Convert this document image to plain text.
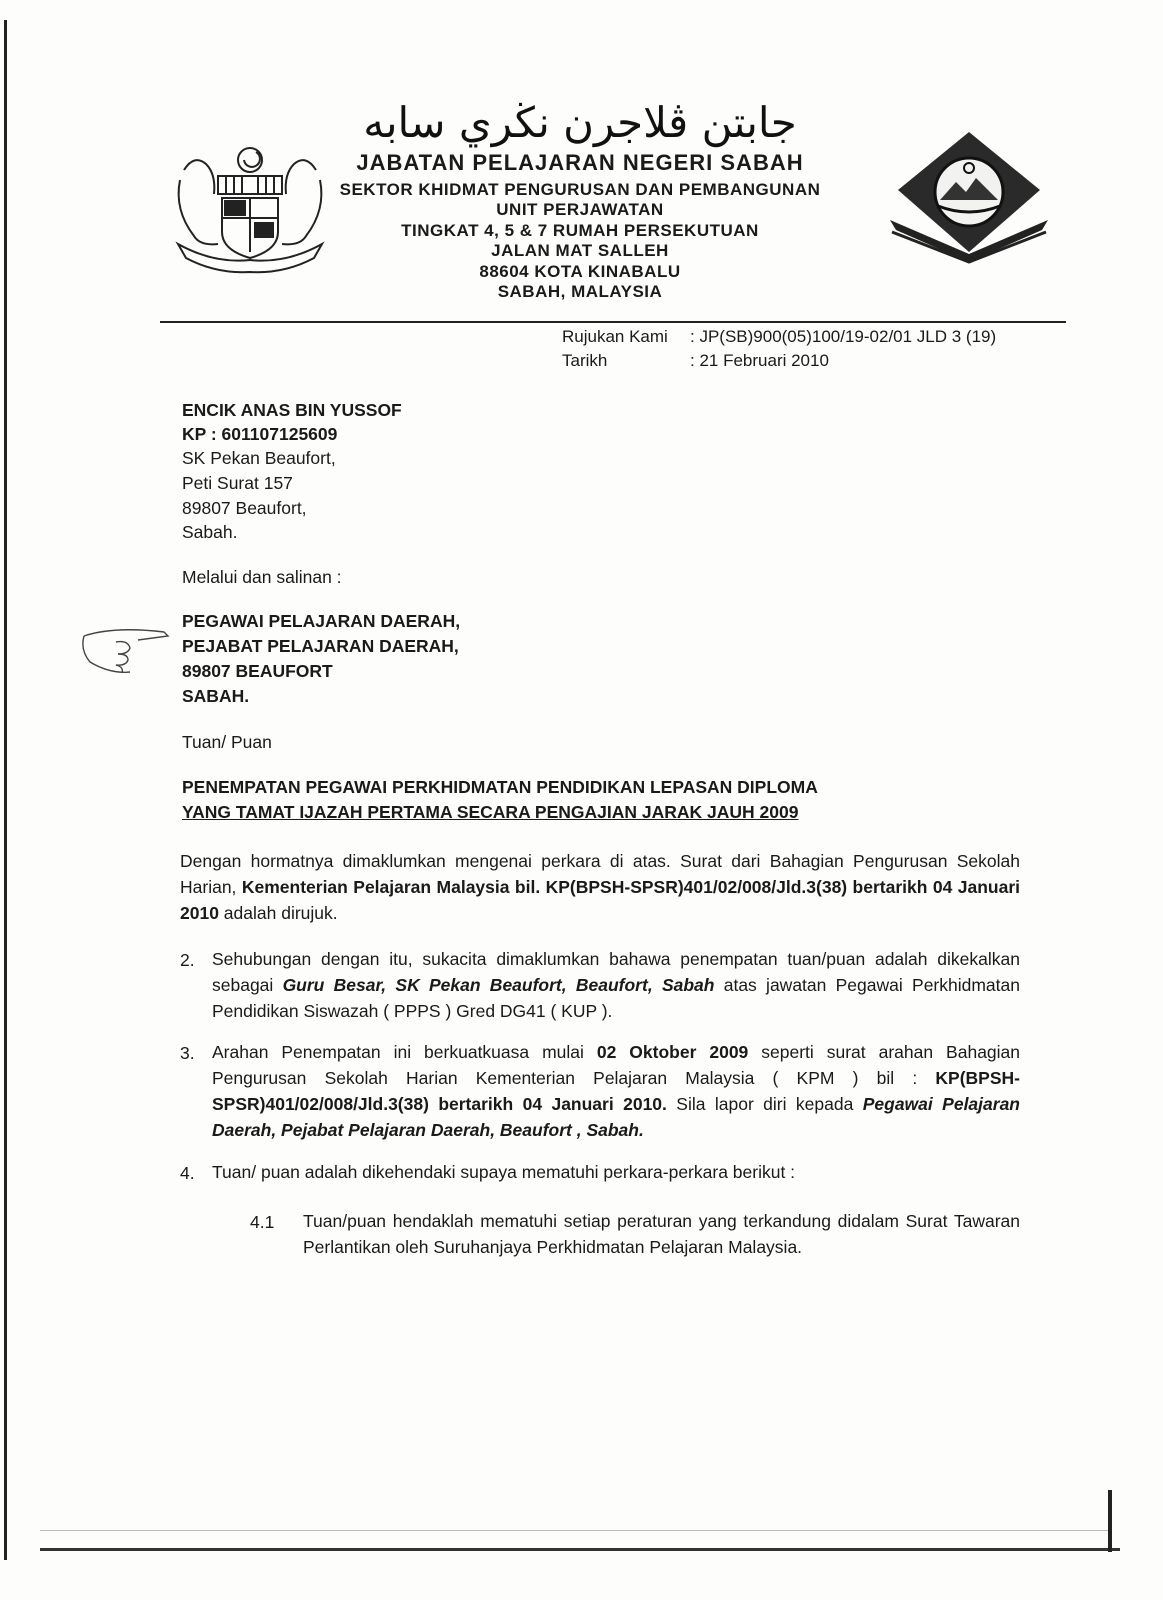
جابتن ڤلاجرن نڬري سابه
JABATAN PELAJARAN NEGERI SABAH
SEKTOR KHIDMAT PENGURUSAN DAN PEMBANGUNAN
UNIT PERJAWATAN
TINGKAT 4, 5 & 7 RUMAH PERSEKUTUAN
JALAN MAT SALLEH
88604 KOTA KINABALU
SABAH, MALAYSIA
Rujukan Kami : JP(SB)900(05)100/19-02/01 JLD 3 (19)
Tarikh	: 21 Februari 2010
ENCIK ANAS BIN YUSSOF
KP : 601107125609
SK Pekan Beaufort,
Peti Surat 157
89807 Beaufort,
Sabah.
Melalui dan salinan :
PEGAWAI PELAJARAN DAERAH,
PEJABAT PELAJARAN DAERAH,
89807 BEAUFORT
SABAH.
Tuan/ Puan
PENEMPATAN PEGAWAI PERKHIDMATAN PENDIDIKAN LEPASAN DIPLOMA
YANG TAMAT IJAZAH PERTAMA SECARA PENGAJIAN JARAK JAUH 2009
Dengan hormatnya dimaklumkan mengenai perkara di atas. Surat dari Bahagian Pengurusan Sekolah Harian, Kementerian Pelajaran Malaysia bil. KP(BPSH-SPSR)401/02/008/Jld.3(38) bertarikh 04 Januari 2010 adalah dirujuk.
2. Sehubungan dengan itu, sukacita dimaklumkan bahawa penempatan tuan/puan adalah dikekalkan sebagai Guru Besar, SK Pekan Beaufort, Beaufort, Sabah atas jawatan Pegawai Perkhidmatan Pendidikan Siswazah ( PPPS ) Gred DG41 ( KUP ).
3. Arahan Penempatan ini berkuatkuasa mulai 02 Oktober 2009 seperti surat arahan Bahagian Pengurusan Sekolah Harian Kementerian Pelajaran Malaysia ( KPM ) bil : KP(BPSH-SPSR)401/02/008/Jld.3(38) bertarikh 04 Januari 2010. Sila lapor diri kepada Pegawai Pelajaran Daerah, Pejabat Pelajaran Daerah, Beaufort , Sabah.
4. Tuan/ puan adalah dikehendaki supaya mematuhi perkara-perkara berikut :
4.1 Tuan/puan hendaklah mematuhi setiap peraturan yang terkandung didalam Surat Tawaran Perlantikan oleh Suruhanjaya Perkhidmatan Pelajaran Malaysia.
